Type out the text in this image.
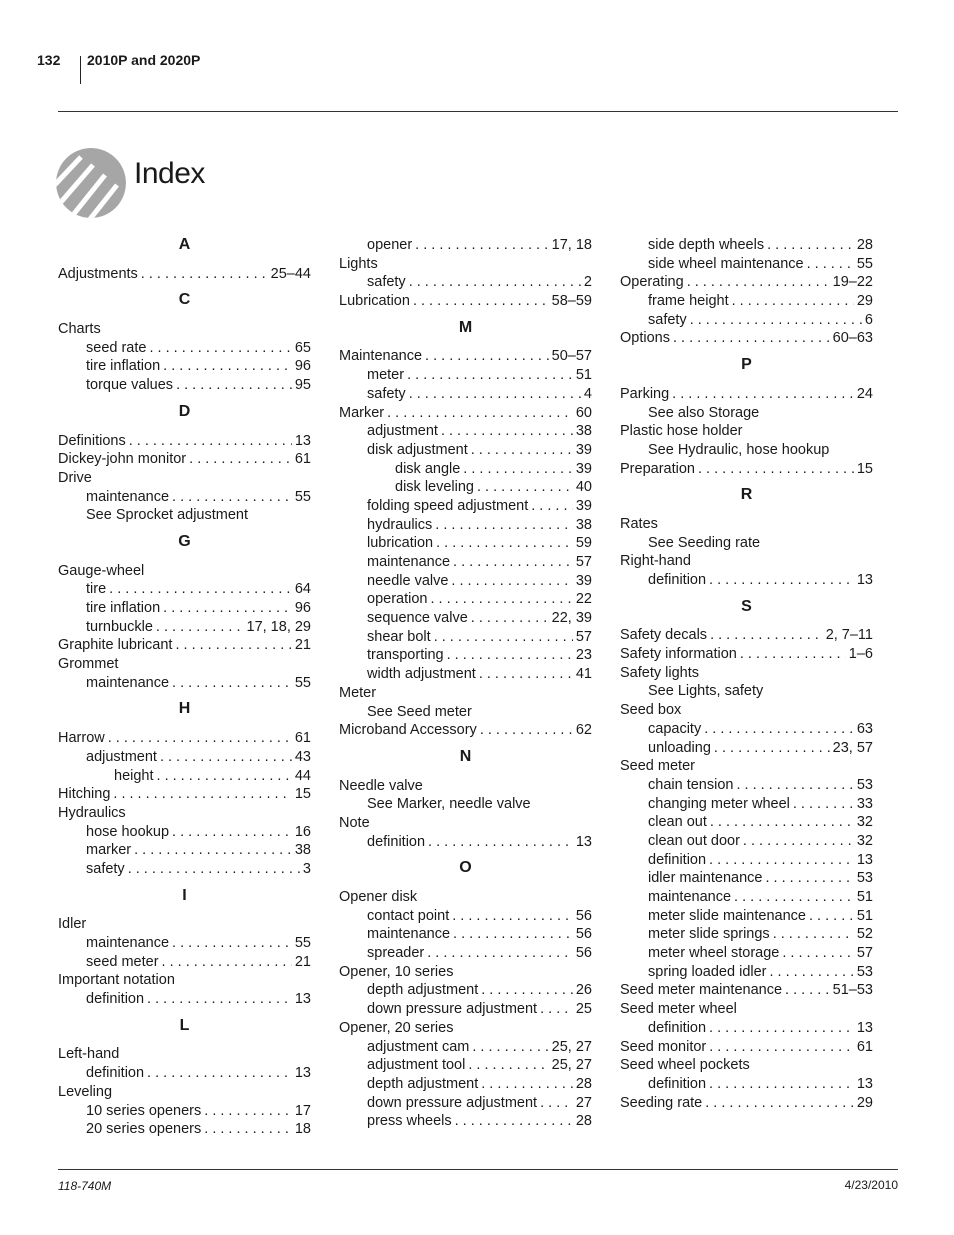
132 2010P and 2020P
Index
A
Adjustments . . .	25–44
C
Charts
seed rate . . .	65
tire inflation . . .	96
torque values . . .	95
D
Definitions . . .	13
Dickey-john monitor . . .	61
Drive
maintenance . . .	55
See Sprocket adjustment
G
Gauge-wheel
tire . . .	64
tire inflation . . .	96
turnbuckle . . .	17, 18, 29
Graphite lubricant . . .	21
Grommet
maintenance . . .	55
H
Harrow . . .	61
adjustment . . .	43
height . . .	44
Hitching . . .	15
Hydraulics
hose hookup . . .	16
marker . . .	38
safety . . .	3
I
Idler
maintenance . . .	55
seed meter . . .	21
Important notation
definition . . .	13
L
Left-hand
definition . . .	13
Leveling
10 series openers . . .	17
20 series openers . . .	18
opener . . .	17, 18
Lights
safety . . .	2
Lubrication . . .	58–59
M
Maintenance . . .	50–57
meter . . .	51
safety . . .	4
Marker . . .	60
adjustment . . .	38
disk adjustment . . .	39
disk angle . . .	39
disk leveling . . .	40
folding speed adjustment . . .	39
hydraulics . . .	38
lubrication . . .	59
maintenance . . .	57
needle valve . . .	39
operation . . .	22
sequence valve . . .	22, 39
shear bolt . . .	57
transporting . . .	23
width adjustment . . .	41
Meter
See Seed meter
Microband Accessory . . .	62
N
Needle valve
See Marker, needle valve
Note
definition . . .	13
O
Opener disk
contact point . . .	56
maintenance . . .	56
spreader . . .	56
Opener, 10 series
depth adjustment . . .	26
down pressure adjustment . . .	25
Opener, 20 series
adjustment cam . . .	25, 27
adjustment tool . . .	25, 27
depth adjustment . . .	28
down pressure adjustment . . .	27
press wheels . . .	28
side depth wheels . . .	28
side wheel maintenance . . .	55
Operating . . .	19–22
frame height . . .	29
safety . . .	6
Options . . .	60–63
P
Parking . . .	24
See also Storage
Plastic hose holder
See Hydraulic, hose hookup
Preparation . . .	15
R
Rates
See Seeding rate
Right-hand
definition . . .	13
S
Safety decals . . .	2, 7–11
Safety information . . .	1–6
Safety lights
See Lights, safety
Seed box
capacity . . .	63
unloading . . .	23, 57
Seed meter
chain tension . . .	53
changing meter wheel . . .	33
clean out . . .	32
clean out door . . .	32
definition . . .	13
idler maintenance . . .	53
maintenance . . .	51
meter slide maintenance . . .	51
meter slide springs . . .	52
meter wheel storage . . .	57
spring loaded idler . . .	53
Seed meter maintenance . . .	51–53
Seed meter wheel
definition . . .	13
Seed monitor . . .	61
Seed wheel pockets
definition . . .	13
Seeding rate . . .	29
118-740M	4/23/2010
